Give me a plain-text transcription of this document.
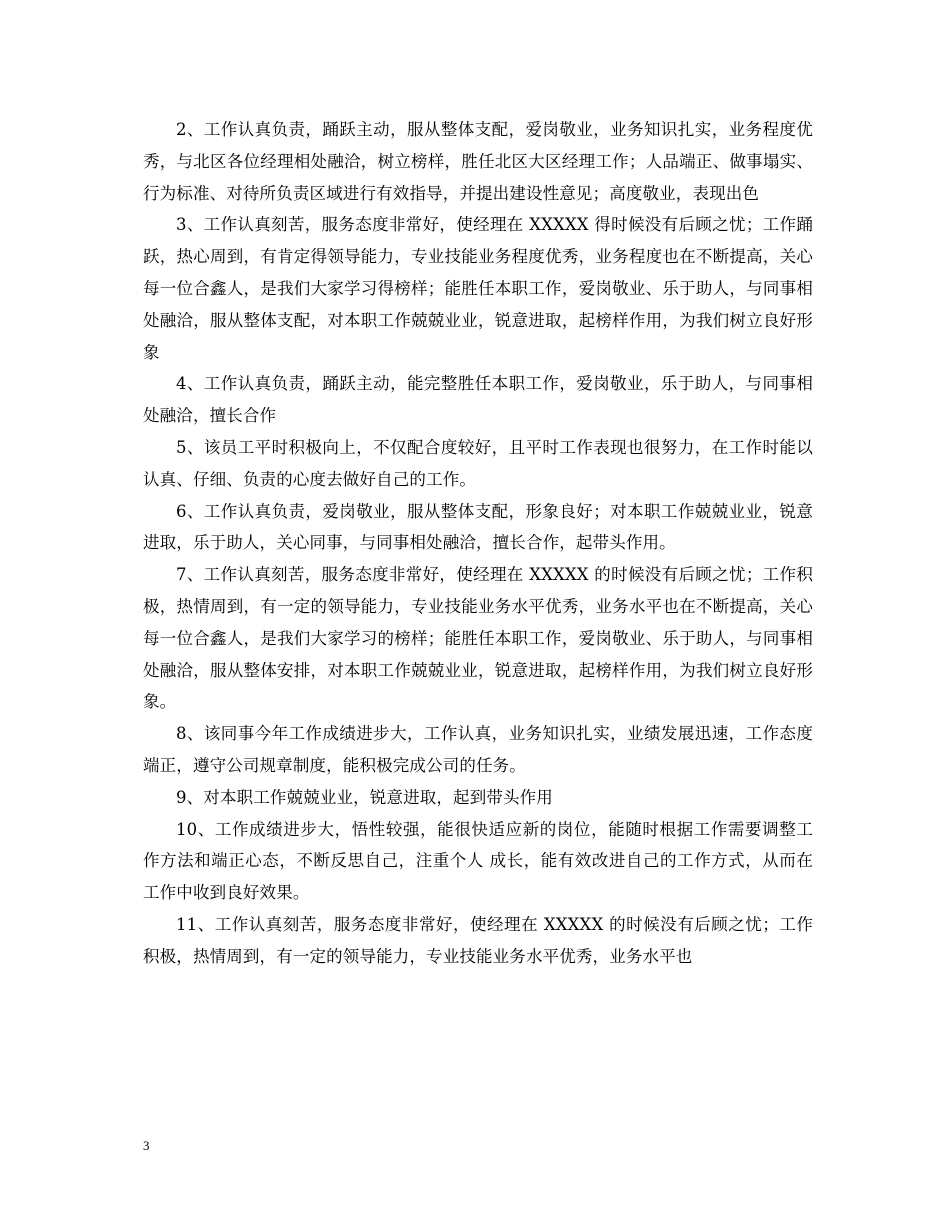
2、工作认真负责，踊跃主动，服从整体支配，爱岗敬业，业务知识扎实，业务程度优秀，与北区各位经理相处融洽，树立榜样，胜任北区大区经理工作；人品端正、做事塌实、行为标准、对待所负责区域进行有效指导，并提出建设性意见；高度敬业，表现出色

3、工作认真刻苦，服务态度非常好，使经理在 XXXXX 得时候没有后顾之忧；工作踊跃，热心周到，有肯定得领导能力，专业技能业务程度优秀，业务程度也在不断提高，关心每一位合鑫人，是我们大家学习得榜样；能胜任本职工作，爱岗敬业、乐于助人，与同事相处融洽，服从整体支配，对本职工作兢兢业业，锐意进取，起榜样作用，为我们树立良好形象

4、工作认真负责，踊跃主动，能完整胜任本职工作，爱岗敬业，乐于助人，与同事相处融洽，擅长合作

5、该员工平时积极向上，不仅配合度较好，且平时工作表现也很努力，在工作时能以认真、仔细、负责的心度去做好自己的工作。

6、工作认真负责，爱岗敬业，服从整体支配，形象良好；对本职工作兢兢业业，锐意进取，乐于助人，关心同事，与同事相处融洽，擅长合作，起带头作用。

7、工作认真刻苦，服务态度非常好，使经理在 XXXXX 的时候没有后顾之忧；工作积极，热情周到，有一定的领导能力，专业技能业务水平优秀，业务水平也在不断提高，关心每一位合鑫人，是我们大家学习的榜样；能胜任本职工作，爱岗敬业、乐于助人，与同事相处融洽，服从整体安排，对本职工作兢兢业业，锐意进取，起榜样作用，为我们树立良好形象。

8、该同事今年工作成绩进步大，工作认真，业务知识扎实，业绩发展迅速，工作态度端正，遵守公司规章制度，能积极完成公司的任务。

9、对本职工作兢兢业业，锐意进取，起到带头作用

10、工作成绩进步大，悟性较强，能很快适应新的岗位，能随时根据工作需要调整工作方法和端正心态，不断反思自己，注重个人 成长，能有效改进自己的工作方式，从而在工作中收到良好效果。

11、工作认真刻苦，服务态度非常好，使经理在 XXXXX 的时候没有后顾之忧；工作积极，热情周到，有一定的领导能力，专业技能业务水平优秀，业务水平也

3
